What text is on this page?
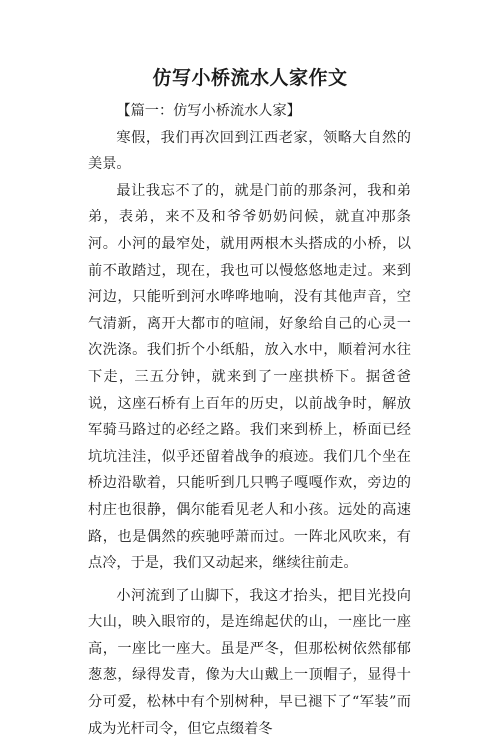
仿写小桥流水人家作文

【篇一：仿写小桥流水人家】

寒假，我们再次回到江西老家，领略大自然的美景。

最让我忘不了的，就是门前的那条河，我和弟弟，表弟，来不及和爷爷奶奶问候，就直冲那条河。小河的最窄处，就用两根木头搭成的小桥，以前不敢踏过，现在，我也可以慢悠悠地走过。来到河边，只能听到河水哗哗地响，没有其他声音，空气清新，离开大都市的喧闹，好象给自己的心灵一次洗涤。我们折个小纸船，放入水中，顺着河水往下走，三五分钟，就来到了一座拱桥下。据爸爸说，这座石桥有上百年的历史，以前战争时，解放军骑马路过的必经之路。我们来到桥上，桥面已经坑坑洼洼，似乎还留着战争的痕迹。我们几个坐在桥边沿歇着，只能听到几只鸭子嘎嘎作欢，旁边的村庄也很静，偶尔能看见老人和小孩。远处的高速路，也是偶然的疾驰呼萧而过。一阵北风吹来，有点冷，于是，我们又动起来，继续往前走。

小河流到了山脚下，我这才抬头，把目光投向大山，映入眼帘的，是连绵起伏的山，一座比一座高，一座比一座大。虽是严冬，但那松树依然郁郁葱葱，绿得发青，像为大山戴上一顶帽子，显得十分可爱，松林中有个别树种，早已褪下了“军装”而成为光杆司令，但它点缀着冬
